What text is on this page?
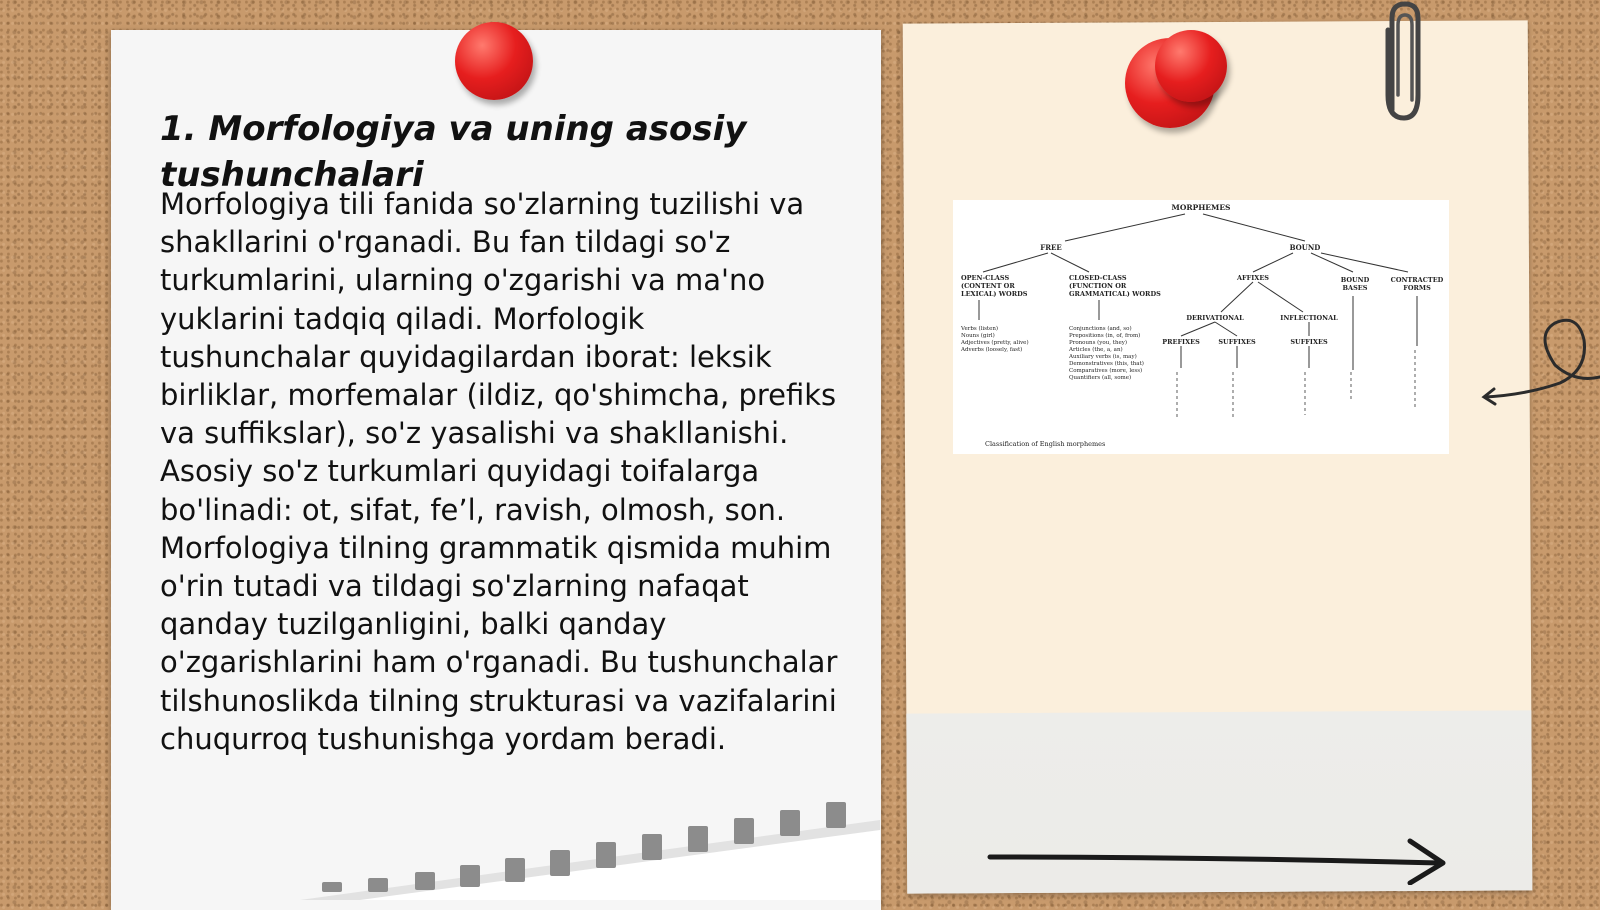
1. Morfologiya va uning asosiy tushunchalari

Morfologiya tili fanida so'zlarning tuzilishi va shakllarini o'rganadi. Bu fan tildagi so'z turkumlarini, ularning o'zgarishi va ma'no yuklarini tadqiq qiladi. Morfologik tushunchalar quyidagilardan iborat: leksik birliklar, morfemalar (ildiz, qo'shimcha, prefiks va suffikslar), so'z yasalishi va shakllanishi. Asosiy so'z turkumlari quyidagi toifalarga bo'linadi: ot, sifat, fe’l, ravish, olmosh, son. Morfologiya tilning grammatik qismida muhim o'rin tutadi va tildagi so'zlarning nafaqat qanday tuzilganligini, balki qanday o'zgarishlarini ham o'rganadi. Bu tushunchalar tilshunoslikda tilning strukturasi va vazifalarini chuqurroq tushunishga yordam beradi.

MORPHEMES
FREE	BOUND
OPEN-CLASS
(CONTENT OR
LEXICAL) WORDS
CLOSED-CLASS
(FUNCTION OR
GRAMMATICAL) WORDS
AFFIXES	BOUND
BASES
CONTRACTED
FORMS
DERIVATIONAL	INFLECTIONAL
PREFIXES	SUFFIXES	SUFFIXES
Verbs (listen)
Nouns (girl)
Adjectives (pretty, alive)
Adverbs (loosely, fast)
Conjunctions (and, so)
Prepositions (in, of, from)
Pronouns (you, they)
Articles (the, a, an)
Auxiliary verbs (is, may)
Demonstratives (this, that)
Comparatives (more, less)
Quantifiers (all, some)
Classification of English morphemes
